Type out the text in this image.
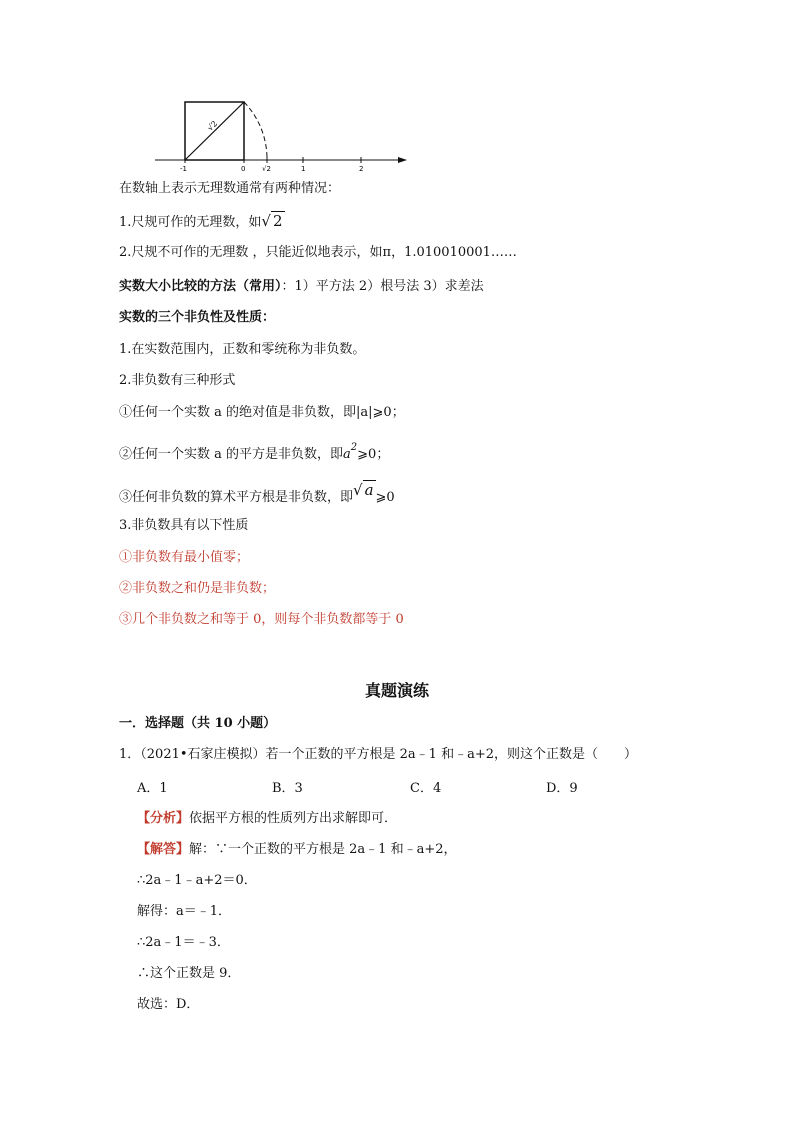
√2
-1	0 √2	1	2
在数轴上表示无理数通常有两种情况：
1.尺规可作的无理数，如√ 2
2.尺规不可作的无理数 ，只能近似地表示，如π，1.010010001……
实数大小比较的方法（常用）：1）平方法 2）根号法 3）求差法
实数的三个非负性及性质：
1.在实数范围内，正数和零统称为非负数。
2.非负数有三种形式
①任何一个实数 a 的绝对值是非负数，即|a|⩾0；
②任何一个实数 a 的平方是非负数，即$a^2⩾0$；
③任何非负数的算术平方根是非负数，即√ a ⩾0
3.非负数具有以下性质
①非负数有最小值零；
②非负数之和仍是非负数；
③几个非负数之和等于 0，则每个非负数都等于 0
真题演练
一．选择题（共 10 小题）
1．（2021•石家庄模拟）若一个正数的平方根是 2a﹣1 和﹣a+2，则这个正数是（　　）
A．1	B．3	C．4	D．9
【分析】依据平方根的性质列方出求解即可．
【解答】解：∵一个正数的平方根是 2a﹣1 和﹣a+2，
∴2a﹣1﹣a+2＝0．
解得：a＝﹣1．
∴2a﹣1＝﹣3．
∴这个正数是 9．
故选：D．
